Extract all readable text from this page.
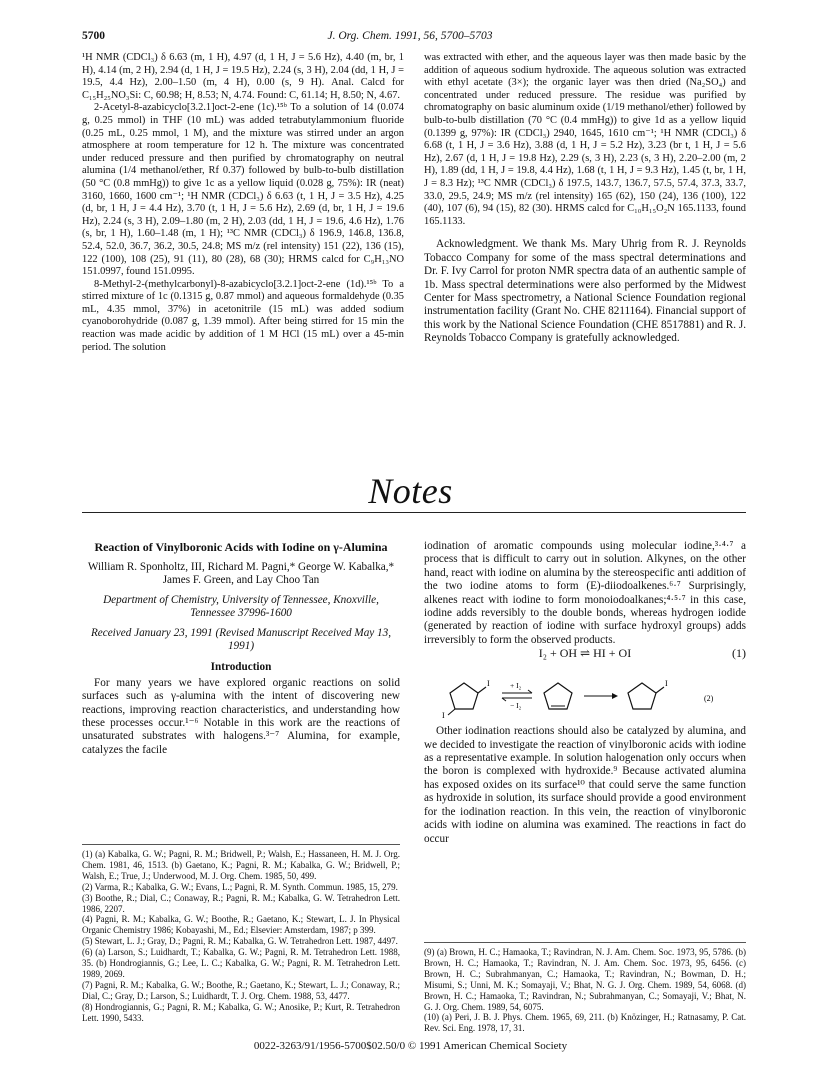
5700	J. Org. Chem. 1991, 56, 5700–5703

¹H NMR (CDCl₃) δ 6.63 (m, 1 H), 4.97 (d, 1 H, J = 5.6 Hz), 4.40 (m, br, 1 H), 4.14 (m, 2 H), 2.94 (d, 1 H, J = 19.5 Hz), 2.24 (s, 3 H), 2.04 (dd, 1 H, J = 19.5, 4.4 Hz), 2.00–1.50 (m, 4 H), 0.00 (s, 9 H). Anal. Calcd for C₁₅H₂₅NO₃Si: C, 60.98; H, 8.53; N, 4.74. Found: C, 61.14; H, 8.50; N, 4.67.

2-Acetyl-8-azabicyclo[3.2.1]oct-2-ene (1c).¹⁵ᵇ To a solution of 14 (0.074 g, 0.25 mmol) in THF (10 mL) was added tetrabutylammonium fluoride (0.25 mL, 0.25 mmol, 1 M), and the mixture was stirred under an argon atmosphere at room temperature for 12 h. The mixture was concentrated under reduced pressure and then purified by chromatography on neutral alumina (1/4 methanol/ether, Rf 0.37) followed by bulb-to-bulb distillation (50 °C (0.8 mmHg)) to give 1c as a yellow liquid (0.028 g, 75%): IR (neat) 3160, 1660, 1600 cm⁻¹; ¹H NMR (CDCl₃) δ 6.63 (t, 1 H, J = 3.5 Hz), 4.25 (d, br, 1 H, J = 4.4 Hz), 3.70 (t, 1 H, J = 5.6 Hz), 2.69 (d, br, 1 H, J = 19.6 Hz), 2.24 (s, 3 H), 2.09–1.80 (m, 2 H), 2.03 (dd, 1 H, J = 19.6, 4.6 Hz), 1.76 (s, br, 1 H), 1.60–1.48 (m, 1 H); ¹³C NMR (CDCl₃) δ 196.9, 146.8, 136.8, 52.4, 52.0, 36.7, 36.2, 30.5, 24.8; MS m/z (rel intensity) 151 (22), 136 (15), 122 (100), 108 (25), 91 (11), 80 (28), 68 (30); HRMS calcd for C₉H₁₃NO 151.0997, found 151.0995.

8-Methyl-2-(methylcarbonyl)-8-azabicyclo[3.2.1]oct-2-ene (1d).¹⁵ᵇ To a stirred mixture of 1c (0.1315 g, 0.87 mmol) and aqueous formaldehyde (0.35 mL, 4.35 mmol, 37%) in acetonitrile (15 mL) was added sodium cyanoborohydride (0.087 g, 1.39 mmol). After being stirred for 15 min the reaction was made acidic by addition of 1 M HCl (15 mL) over a 45-min period. The solution

was extracted with ether, and the aqueous layer was then made basic by the addition of aqueous sodium hydroxide. The aqueous solution was extracted with ethyl acetate (3×); the organic layer was then dried (Na₂SO₄) and concentrated under reduced pressure. The residue was purified by chromatography on basic aluminum oxide (1/19 methanol/ether) followed by bulb-to-bulb distillation (70 °C (0.4 mmHg)) to give 1d as a yellow liquid (0.1399 g, 97%): IR (CDCl₃) 2940, 1645, 1610 cm⁻¹; ¹H NMR (CDCl₃) δ 6.68 (t, 1 H, J = 3.6 Hz), 3.88 (d, 1 H, J = 5.2 Hz), 3.23 (br t, 1 H, J = 5.6 Hz), 2.67 (d, 1 H, J = 19.8 Hz), 2.29 (s, 3 H), 2.23 (s, 3 H), 2.20–2.00 (m, 2 H), 1.89 (dd, 1 H, J = 19.8, 4.4 Hz), 1.68 (t, 1 H, J = 9.3 Hz), 1.45 (t, br, 1 H, J = 8.3 Hz); ¹³C NMR (CDCl₃) δ 197.5, 143.7, 136.7, 57.5, 57.4, 37.3, 33.7, 33.0, 29.5, 24.9; MS m/z (rel intensity) 165 (62), 150 (24), 136 (100), 122 (40), 107 (6), 94 (15), 82 (30). HRMS calcd for C₁₀H₁₅O₂N 165.1133, found 165.1133.

Acknowledgment. We thank Ms. Mary Uhrig from R. J. Reynolds Tobacco Company for some of the mass spectral determinations and Dr. F. Ivy Carrol for proton NMR spectra data of an authentic sample of 1b. Mass spectral determinations were also performed by the Midwest Center for Mass spectrometry, a National Science Foundation regional instrumentation facility (Grant No. CHE 8211164). Financial support of this work by the National Science Foundation (CHE 8517881) and R. J. Reynolds Tobacco Company is gratefully acknowledged.

Notes
Reaction of Vinylboronic Acids with Iodine on γ-Alumina
William R. Sponholtz, III, Richard M. Pagni,* George W. Kabalka,* James F. Green, and Lay Choo Tan
Department of Chemistry, University of Tennessee, Knoxville, Tennessee 37996-1600
Received January 23, 1991 (Revised Manuscript Received May 13, 1991)
Introduction

For many years we have explored organic reactions on solid surfaces such as γ-alumina with the intent of discovering new reactions, improving reaction characteristics, and understanding how these processes occur.¹⁻⁶ Notable in this work are the reactions of unsaturated substrates with halogens.³⁻⁷ Alumina, for example, catalyzes the facile

iodination of aromatic compounds using molecular iodine,³·⁴·⁷ a process that is difficult to carry out in solution. Alkynes, on the other hand, react with iodine on alumina by the stereospecific anti addition of the two iodine atoms to form (E)-diiodoalkenes.⁶·⁷ Surprisingly, alkenes react with iodine to form monoiodoalkanes;⁴·⁵·⁷ in this case, iodine adds reversibly to the double bonds, whereas hydrogen iodide (generated by reaction of iodine with surface hydroxyl groups) adds irreversibly to form the observed products.

I₂ + OH ⇌ HI + OI	(1)
I
I
+ I₂
− I₂
I
(2)

Other iodination reactions should also be catalyzed by alumina, and we decided to investigate the reaction of vinylboronic acids with iodine as a representative example. In solution halogenation only occurs when the boron is complexed with hydroxide.⁹ Because activated alumina has exposed oxides on its surface¹⁰ that could serve the same function as hydroxide in solution, its surface should provide a good environment for the iodination reaction. In this vein, the reaction of vinylboronic acids with iodine on alumina was examined. The reactions in fact do occur

(1) (a) Kabalka, G. W.; Pagni, R. M.; Bridwell, P.; Walsh, E.; Hassaneen, H. M. J. Org. Chem. 1981, 46, 1513. (b) Gaetano, K.; Pagni, R. M.; Kabalka, G. W.; Bridwell, P.; Walsh, E.; True, J.; Underwood, M. J. Org. Chem. 1985, 50, 499.

(2) Varma, R.; Kabalka, G. W.; Evans, L.; Pagni, R. M. Synth. Commun. 1985, 15, 279.

(3) Boothe, R.; Dial, C.; Conaway, R.; Pagni, R. M.; Kabalka, G. W. Tetrahedron Lett. 1986, 2207.

(4) Pagni, R. M.; Kabalka, G. W.; Boothe, R.; Gaetano, K.; Stewart, L. J. In Physical Organic Chemistry 1986; Kobayashi, M., Ed.; Elsevier: Amsterdam, 1987; p 399.

(5) Stewart, L. J.; Gray, D.; Pagni, R. M.; Kabalka, G. W. Tetrahedron Lett. 1987, 4497.

(6) (a) Larson, S.; Luidhardt, T.; Kabalka, G. W.; Pagni, R. M. Tetrahedron Lett. 1988, 35. (b) Hondrogiannis, G.; Lee, L. C.; Kabalka, G. W.; Pagni, R. M. Tetrahedron Lett. 1989, 2069.

(7) Pagni, R. M.; Kabalka, G. W.; Boothe, R.; Gaetano, K.; Stewart, L. J.; Conaway, R.; Dial, C.; Gray, D.; Larson, S.; Luidhardt, T. J. Org. Chem. 1988, 53, 4477.

(8) Hondrogiannis, G.; Pagni, R. M.; Kabalka, G. W.; Anosike, P.; Kurt, R. Tetrahedron Lett. 1990, 5433.

(9) (a) Brown, H. C.; Hamaoka, T.; Ravindran, N. J. Am. Chem. Soc. 1973, 95, 5786. (b) Brown, H. C.; Hamaoka, T.; Ravindran, N. J. Am. Chem. Soc. 1973, 95, 6456. (c) Brown, H. C.; Subrahmanyan, C.; Hamaoka, T.; Ravindran, N.; Bowman, D. H.; Misumi, S.; Unni, M. K.; Somayaji, V.; Bhat, N. G. J. Org. Chem. 1989, 54, 6068. (d) Brown, H. C.; Hamaoka, T.; Ravindran, N.; Subrahmanyan, C.; Somayaji, V.; Bhat, N. G. J. Org. Chem. 1989, 54, 6075.

(10) (a) Peri, J. B. J. Phys. Chem. 1965, 69, 211. (b) Knözinger, H.; Ratnasamy, P. Cat. Rev. Sci. Eng. 1978, 17, 31.

0022-3263/91/1956-5700$02.50/0 © 1991 American Chemical Society
